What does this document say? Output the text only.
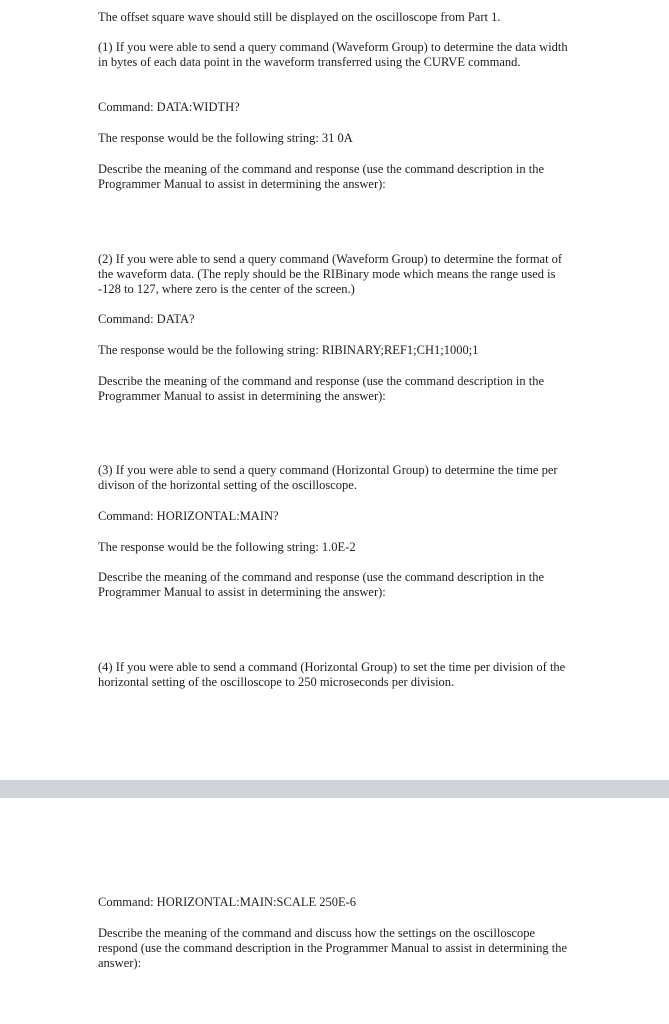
The offset square wave should still be displayed on the oscilloscope from Part 1.

(1) If you were able to send a query command (Waveform Group) to determine the data width in bytes of each data point in the waveform transferred using the CURVE command.

Command: DATA:WIDTH?

The response would be the following string: 31 0A

Describe the meaning of the command and response (use the command description in the Programmer Manual to assist in determining the answer):

(2) If you were able to send a query command (Waveform Group) to determine the format of the waveform data. (The reply should be the RIBinary mode which means the range used is -128 to 127, where zero is the center of the screen.)

Command: DATA?

The response would be the following string: RIBINARY;REF1;CH1;1000;1

Describe the meaning of the command and response (use the command description in the Programmer Manual to assist in determining the answer):

(3) If you were able to send a query command (Horizontal Group) to determine the time per divison of the horizontal setting of the oscilloscope.

Command: HORIZONTAL:MAIN?

The response would be the following string: 1.0E-2

Describe the meaning of the command and response (use the command description in the Programmer Manual to assist in determining the answer):

(4) If you were able to send a command (Horizontal Group) to set the time per division of the horizontal setting of the oscilloscope to 250 microseconds per division.

Command: HORIZONTAL:MAIN:SCALE 250E-6

Describe the meaning of the command and discuss how the settings on the oscilloscope respond (use the command description in the Programmer Manual to assist in determining the answer):
